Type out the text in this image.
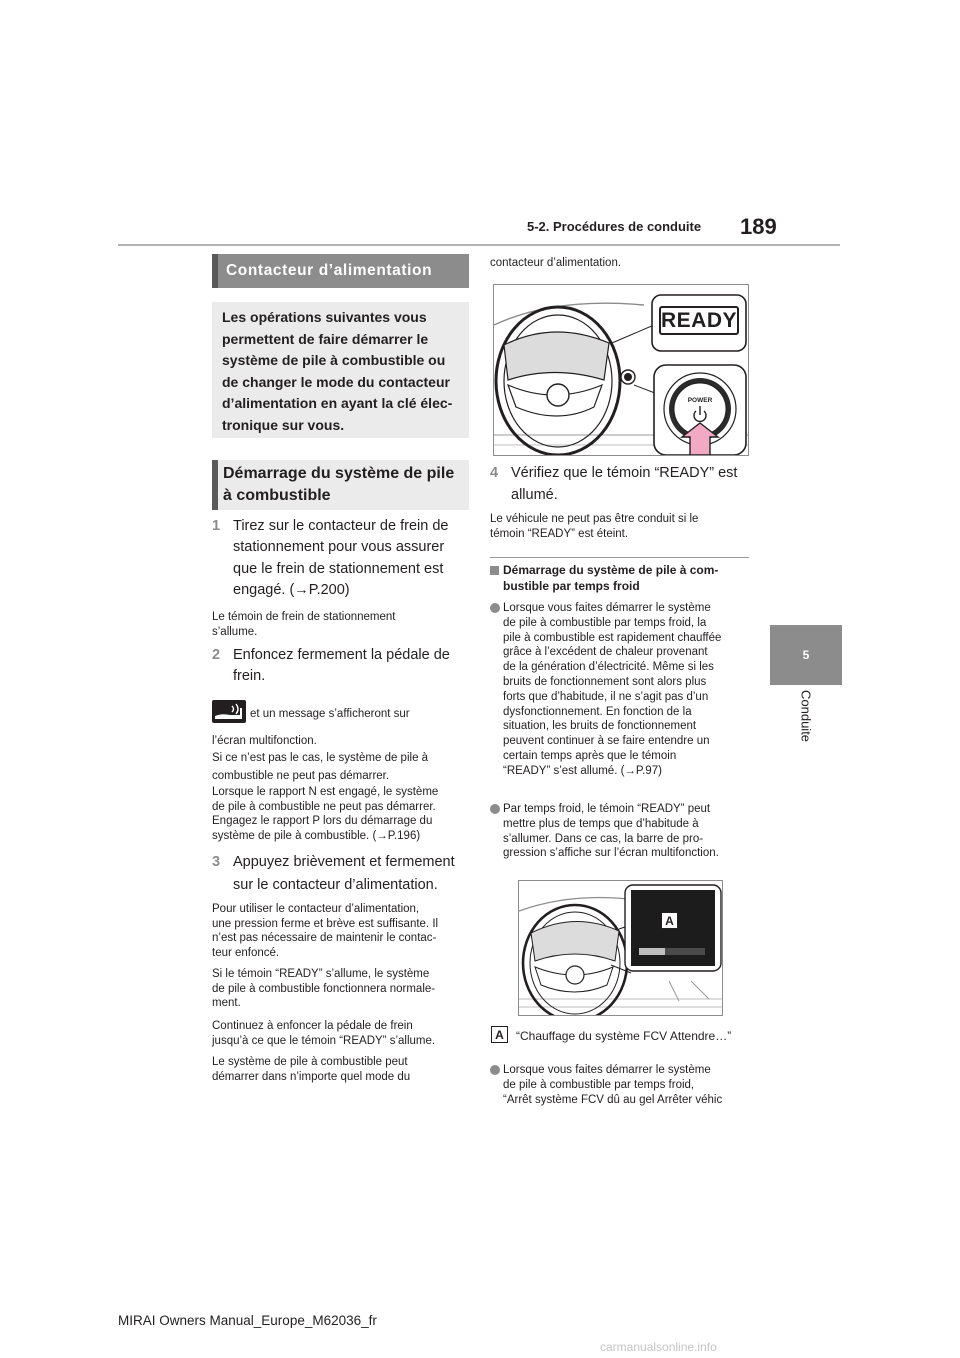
5-2. Procédures de conduite 189
5
Conduite
Contacteur d’alimentation
Les opérations suivantes vous
permettent de faire démarrer le
système de pile à combustible ou
de changer le mode du contacteur
d’alimentation en ayant la clé élec-
tronique sur vous.
Démarrage du système de pile
à combustible
1 Tirez sur le contacteur de frein de
stationnement pour vous assurer
que le frein de stationnement est
engagé. (→P.200)
Le témoin de frein de stationnement
s’allume.
2 Enfoncez fermement la pédale de
frein.
et un message s’afficheront sur
l’écran multifonction.
Si ce n’est pas le cas, le système de pile à
combustible ne peut pas démarrer.
Lorsque le rapport N est engagé, le système
de pile à combustible ne peut pas démarrer.
Engagez le rapport P lors du démarrage du
système de pile à combustible. (→P.196)
3 Appuyez brièvement et fermement
sur le contacteur d’alimentation.
Pour utiliser le contacteur d’alimentation,
une pression ferme et brève est suffisante. Il
n’est pas nécessaire de maintenir le contac-
teur enfoncé.
Si le témoin “READY” s’allume, le système
de pile à combustible fonctionnera normale-
ment.
Continuez à enfoncer la pédale de frein
jusqu’à ce que le témoin “READY” s’allume.
Le système de pile à combustible peut
démarrer dans n’importe quel mode du
contacteur d’alimentation.
READY
POWER
4 Vérifiez que le témoin “READY” est
allumé.
Le véhicule ne peut pas être conduit si le
témoin “READY” est éteint.
Démarrage du système de pile à com-
bustible par temps froid
Lorsque vous faites démarrer le système
de pile à combustible par temps froid, la
pile à combustible est rapidement chauffée
grâce à l’excédent de chaleur provenant
de la génération d’électricité. Même si les
bruits de fonctionnement sont alors plus
forts que d’habitude, il ne s’agit pas d’un
dysfonctionnement. En fonction de la
situation, les bruits de fonctionnement
peuvent continuer à se faire entendre un
certain temps après que le témoin
“READY” s’est allumé. (→P.97)
Par temps froid, le témoin “READY” peut
mettre plus de temps que d’habitude à
s’allumer. Dans ce cas, la barre de pro-
gression s’affiche sur l’écran multifonction.
A
A	“Chauffage du système FCV Attendre…”
Lorsque vous faites démarrer le système
de pile à combustible par temps froid,
“Arrêt système FCV dû au gel Arrêter véhic
MIRAI Owners Manual_Europe_M62036_fr
carmanualsonline.info
